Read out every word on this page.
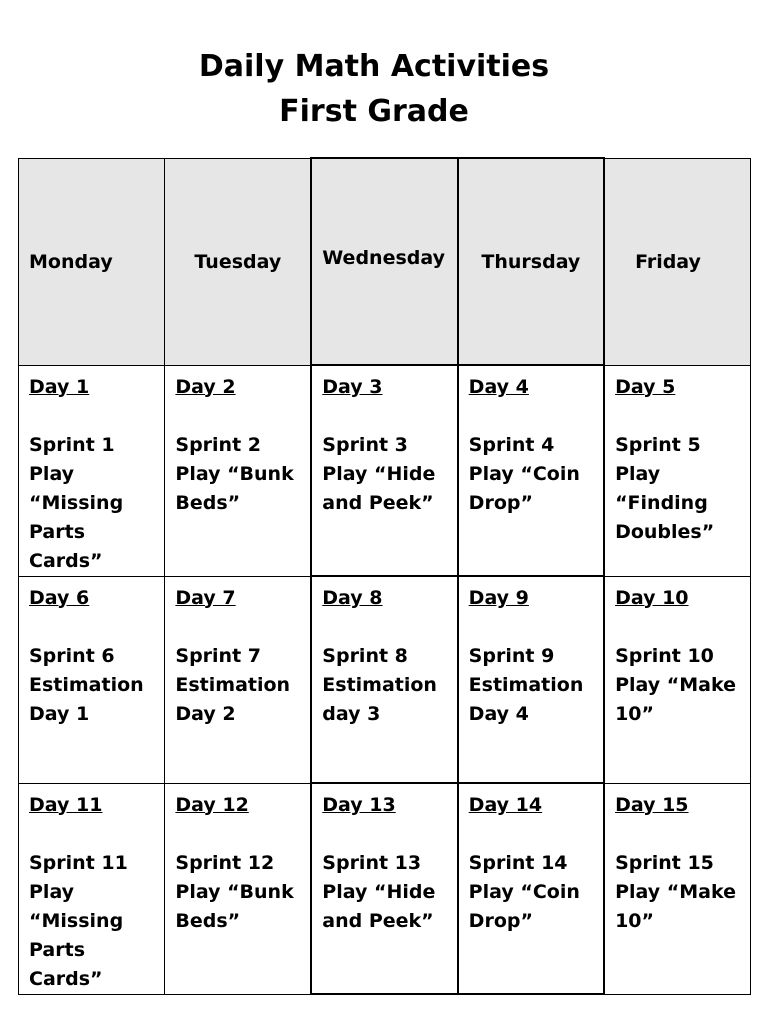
Daily Math Activities
First Grade
Monday	Tuesday	Wednesday	Thursday	Friday

Day 1
Sprint 1
Play
“Missing
Parts Cards”	Day 2
Sprint 2
Play “Bunk
Beds”	Day 3
Sprint 3
Play “Hide
and Peek”	Day 4
Sprint 4
Play “Coin
Drop”	Day 5
Sprint 5
Play
“Finding
Doubles”

Day 6
Sprint 6
Estimation
Day 1	Day 7
Sprint 7
Estimation
Day 2	Day 8
Sprint 8
Estimation
day 3	Day 9
Sprint 9
Estimation
Day 4	Day 10
Sprint 10
Play “Make
10”

Day 11
Sprint 11
Play
“Missing
Parts Cards”	Day 12
Sprint 12
Play “Bunk
Beds”	Day 13
Sprint 13
Play “Hide
and Peek”	Day 14
Sprint 14
Play “Coin
Drop”	Day 15
Sprint 15
Play “Make
10”
